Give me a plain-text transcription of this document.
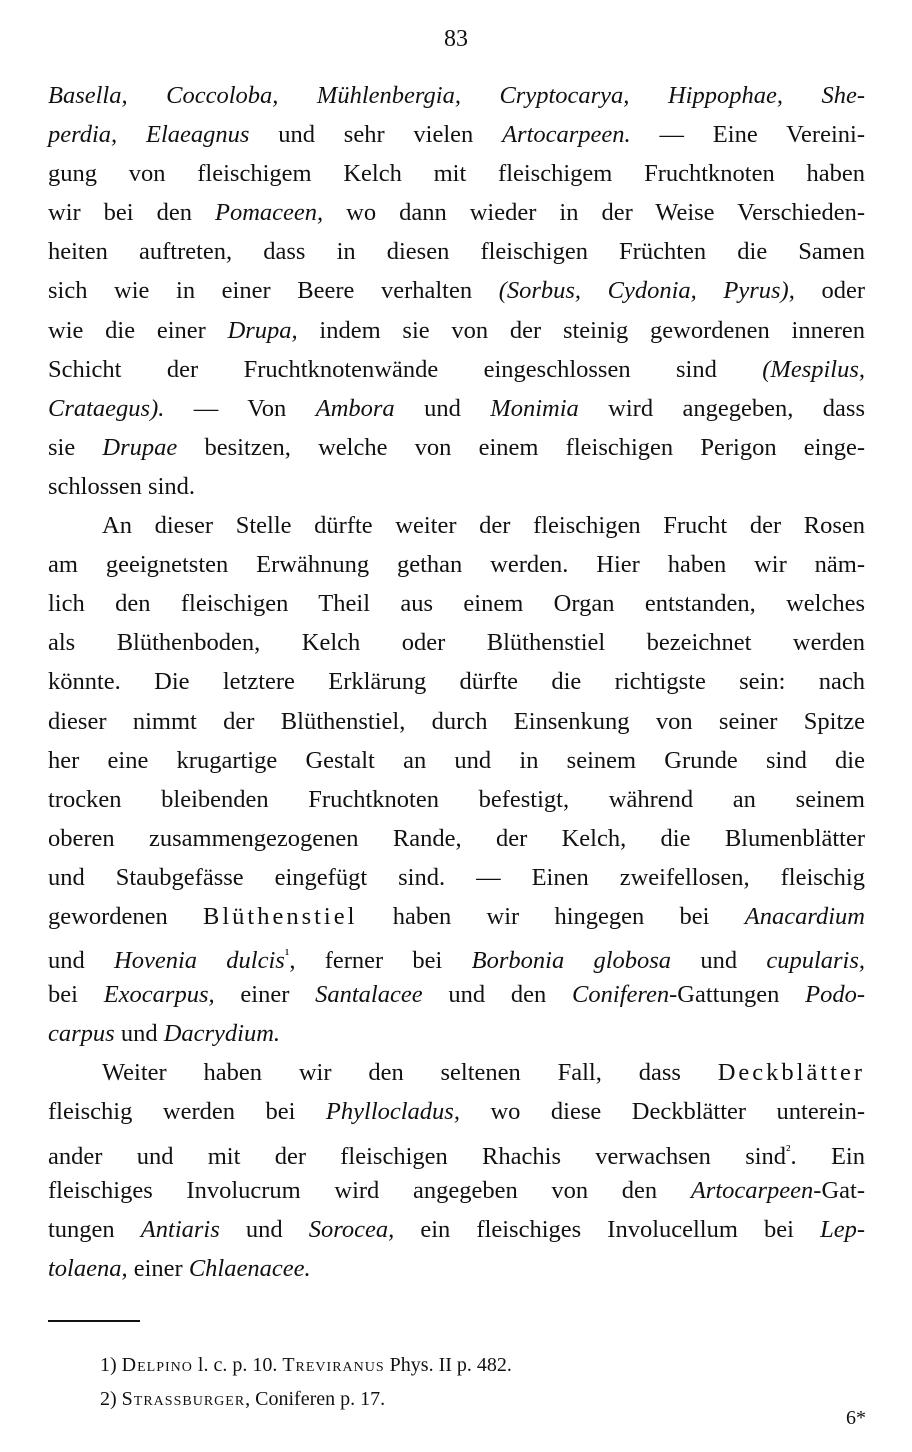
83
Basella, Coccoloba, Mühlenbergia, Cryptocarya, Hippophae, She-
perdia, Elaeagnus und sehr vielen Artocarpeen. — Eine Vereini-
gung von fleischigem Kelch mit fleischigem Fruchtknoten haben
wir bei den Pomaceen, wo dann wieder in der Weise Verschieden-
heiten auftreten, dass in diesen fleischigen Früchten die Samen
sich wie in einer Beere verhalten (Sorbus, Cydonia, Pyrus), oder
wie die einer Drupa, indem sie von der steinig gewordenen inneren
Schicht der Fruchtknotenwände eingeschlossen sind (Mespilus,
Crataegus). — Von Ambora und Monimia wird angegeben, dass
sie Drupae besitzen, welche von einem fleischigen Perigon einge-
schlossen sind.
An dieser Stelle dürfte weiter der fleischigen Frucht der Rosen
am geeignetsten Erwähnung gethan werden. Hier haben wir näm-
lich den fleischigen Theil aus einem Organ entstanden, welches
als Blüthenboden, Kelch oder Blüthenstiel bezeichnet werden
könnte. Die letztere Erklärung dürfte die richtigste sein: nach
dieser nimmt der Blüthenstiel, durch Einsenkung von seiner Spitze
her eine krugartige Gestalt an und in seinem Grunde sind die
trocken bleibenden Fruchtknoten befestigt, während an seinem
oberen zusammengezogenen Rande, der Kelch, die Blumenblätter
und Staubgefässe eingefügt sind. — Einen zweifellosen, fleischig
gewordenen Blüthenstiel haben wir hingegen bei Anacardium
und Hovenia dulcis$^{^1}$, ferner bei Borbonia globosa und cupularis,
bei Exocarpus, einer Santalacee und den Coniferen-Gattungen Podo-
carpus und Dacrydium.
Weiter haben wir den seltenen Fall, dass Deckblätter
fleischig werden bei Phyllocladus, wo diese Deckblätter unterein-
ander und mit der fleischigen Rhachis verwachsen sind$^{^2}$. Ein
fleischiges Involucrum wird angegeben von den Artocarpeen-Gat-
tungen Antiaris und Sorocea, ein fleischiges Involucellum bei Lep-
tolaena, einer Chlaenacee.
1) Delpino l. c. p. 10. Treviranus Phys. II p. 482.
2) Strassburger, Coniferen p. 17.
6*
